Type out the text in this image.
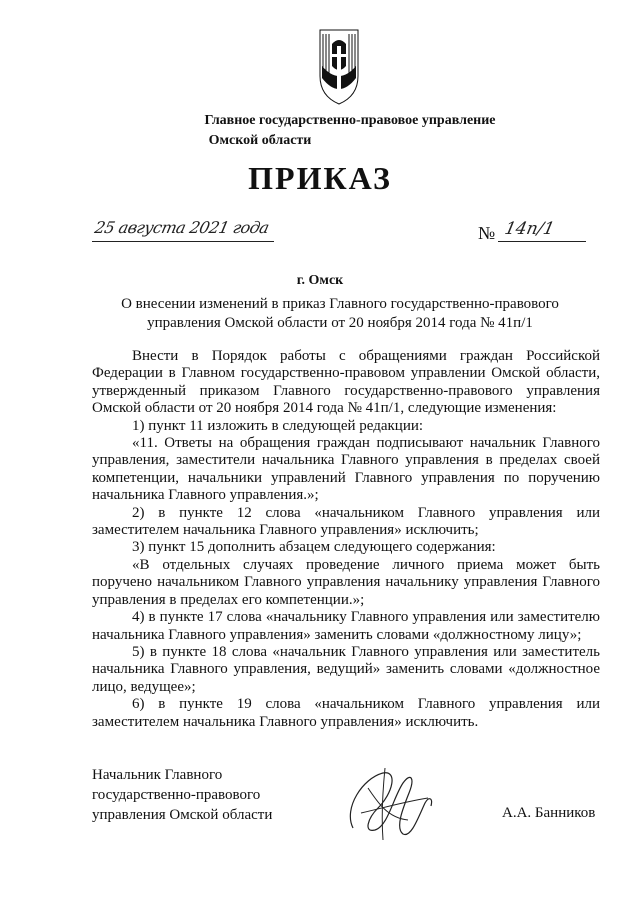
Главное государственно-правовое управление
Омской области
ПРИКАЗ
25 августа 2021 года	№ 14п/1
г. Омск
О внесении изменений в приказ Главного государственно-правового
управления Омской области от 20 ноября 2014 года № 41п/1

Внести в Порядок работы с обращениями граждан Российской Федерации в Главном государственно-правовом управлении Омской области, утвержденный приказом Главного государственно-правового управления Омской области от 20 ноября 2014 года № 41п/1, следующие изменения:

1) пункт 11 изложить в следующей редакции:

«11. Ответы на обращения граждан подписывают начальник Главного управления, заместители начальника Главного управления в пределах своей компетенции, начальники управлений Главного управления по поручению начальника Главного управления.»;

2) в пункте 12 слова «начальником Главного управления или заместителем начальника Главного управления» исключить;

3) пункт 15 дополнить абзацем следующего содержания:

«В отдельных случаях проведение личного приема может быть поручено начальником Главного управления начальнику управления Главного управления в пределах его компетенции.»;

4) в пункте 17 слова «начальнику Главного управления или заместителю начальника Главного управления» заменить словами «должностному лицу»;

5) в пункте 18 слова «начальник Главного управления или заместитель начальника Главного управления, ведущий» заменить словами «должностное лицо, ведущее»;

6) в пункте 19 слова «начальником Главного управления или заместителем начальника Главного управления» исключить.

Начальник Главного
государственно-правового
управления Омской области	А.А. Банников
